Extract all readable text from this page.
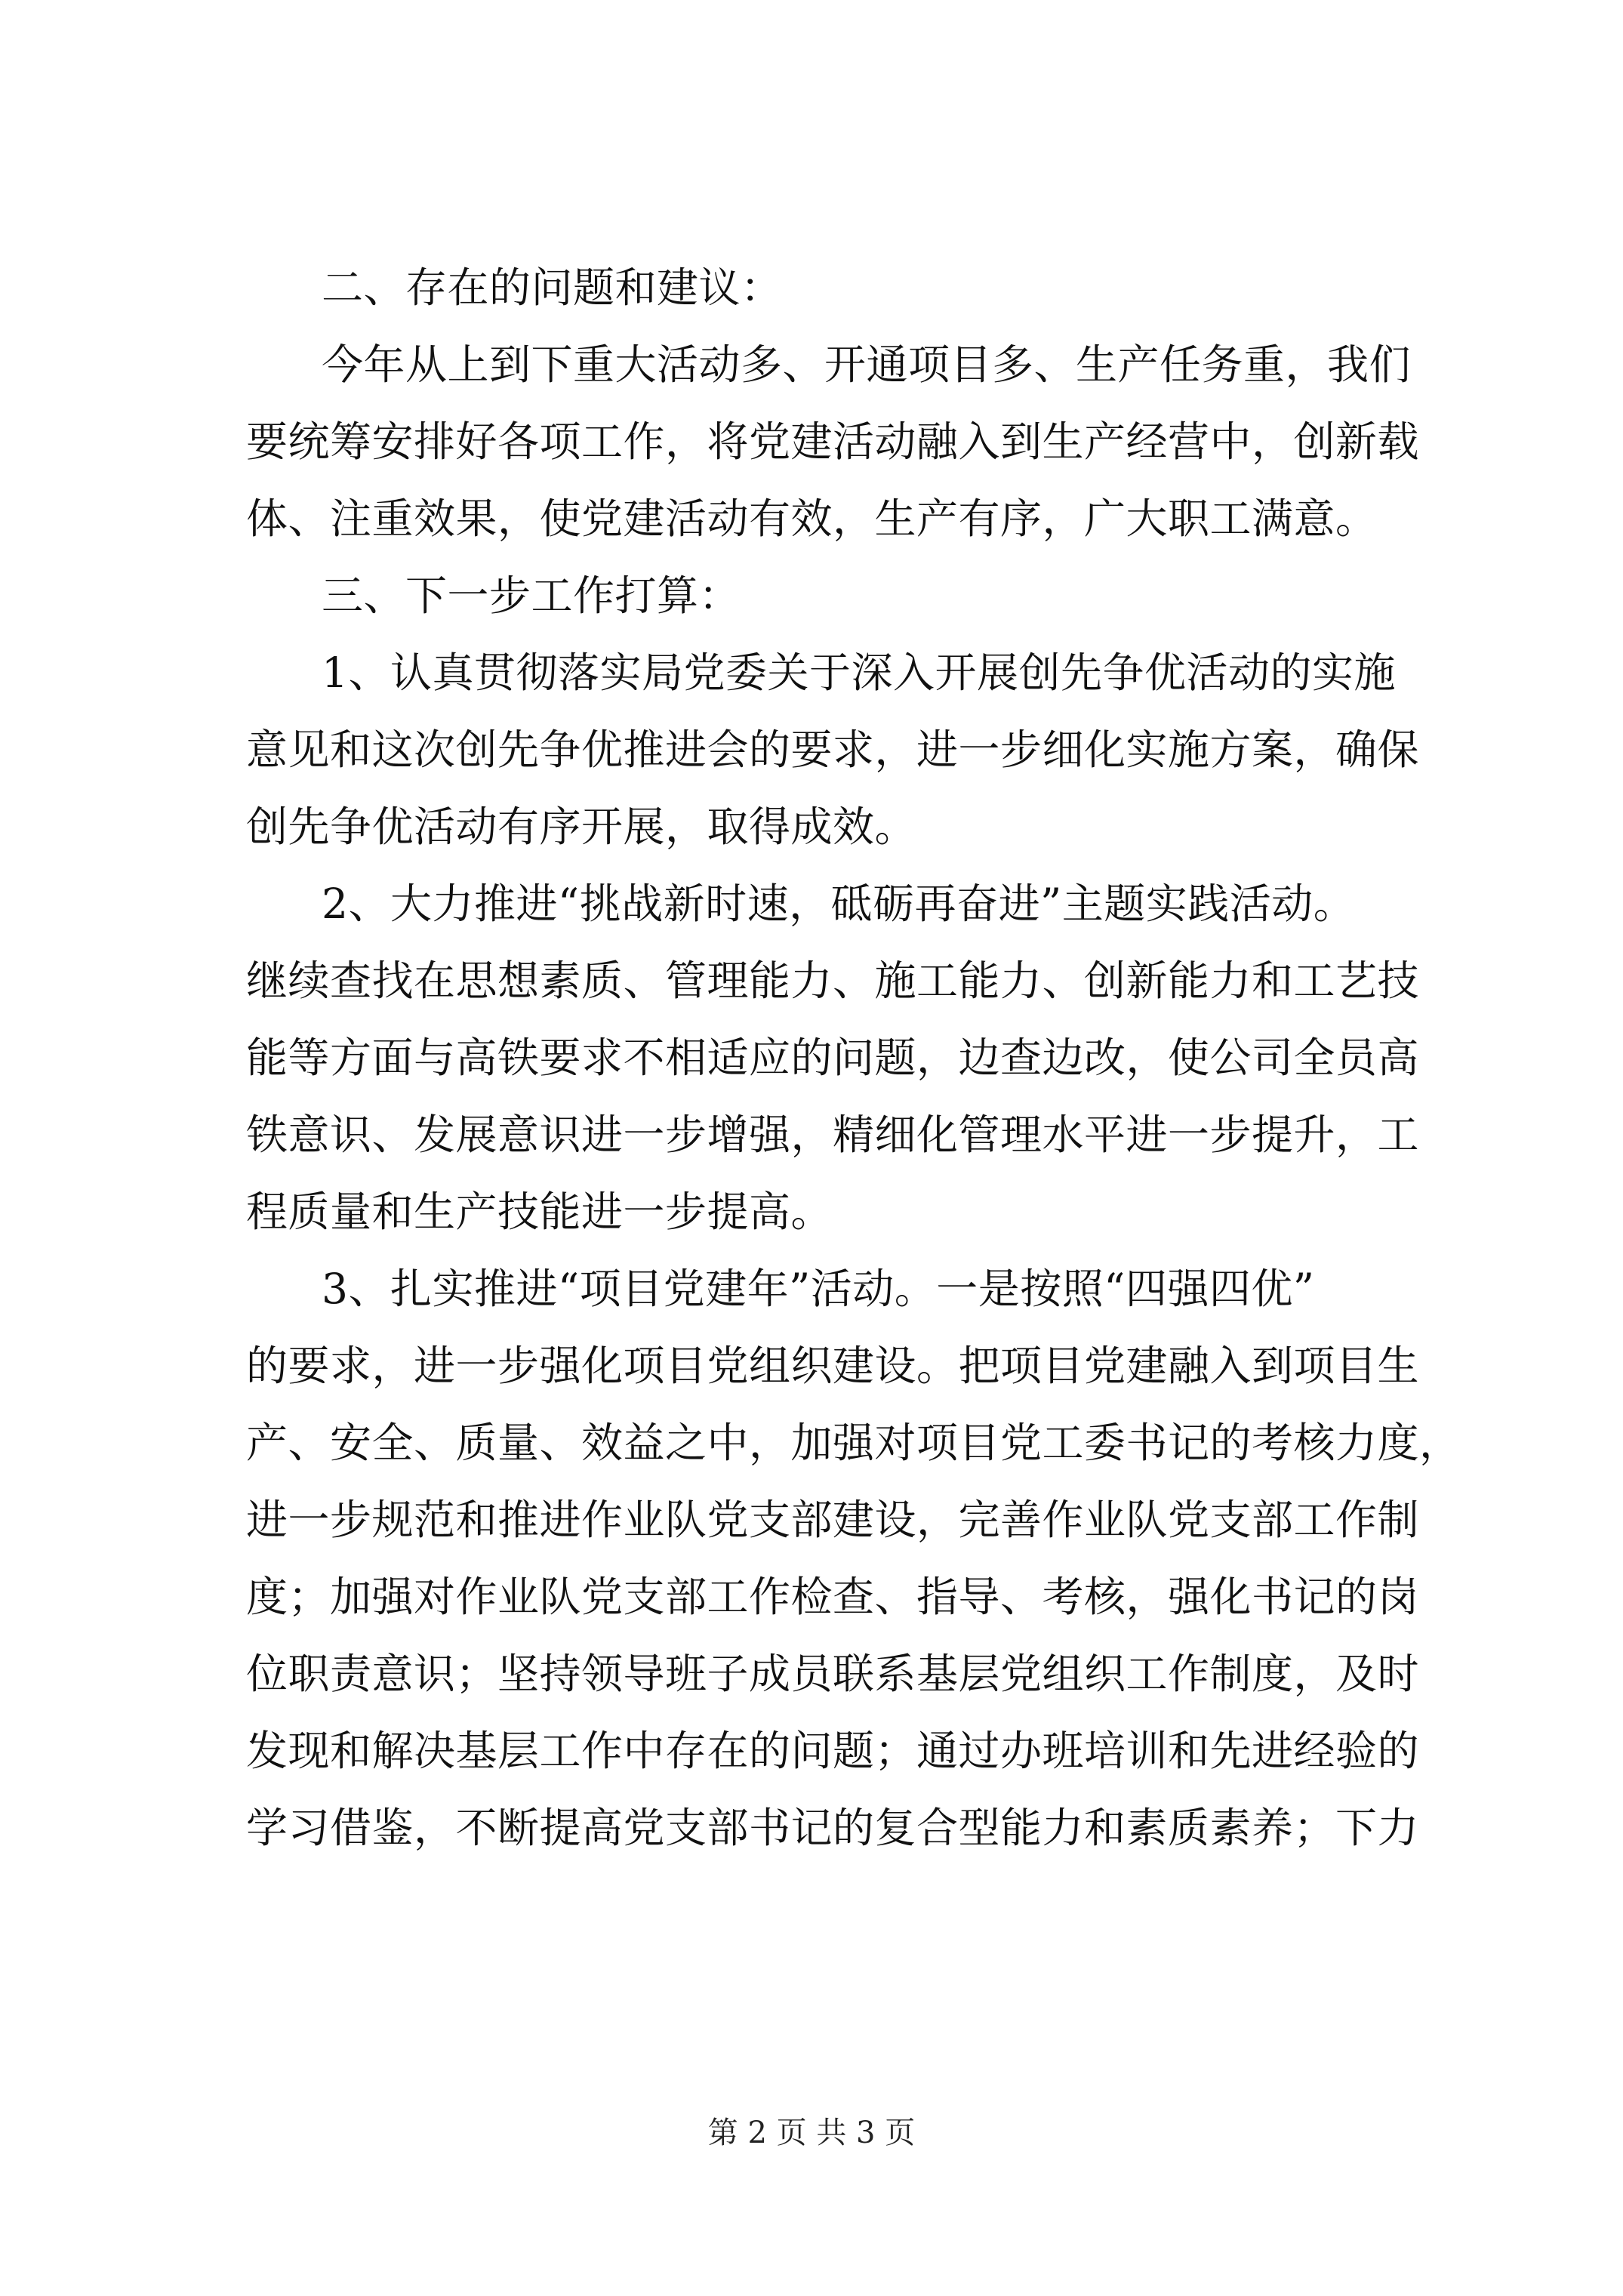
二、存在的问题和建议：
今年从上到下重大活动多、开通项目多、生产任务重，我们
要统筹安排好各项工作，将党建活动融入到生产经营中，创新载
体、注重效果，使党建活动有效，生产有序，广大职工满意。
三、下一步工作打算：
1、认真贯彻落实局党委关于深入开展创先争优活动的实施
意见和这次创先争优推进会的要求，进一步细化实施方案，确保
创先争优活动有序开展，取得成效。
2、大力推进“挑战新时速，砥砺再奋进”主题实践活动。
继续查找在思想素质、管理能力、施工能力、创新能力和工艺技
能等方面与高铁要求不相适应的问题，边查边改，使公司全员高
铁意识、发展意识进一步增强，精细化管理水平进一步提升，工
程质量和生产技能进一步提高。
3、扎实推进“项目党建年”活动。一是按照“四强四优”
的要求，进一步强化项目党组织建设。把项目党建融入到项目生
产、安全、质量、效益之中，加强对项目党工委书记的考核力度，
进一步规范和推进作业队党支部建设，完善作业队党支部工作制
度；加强对作业队党支部工作检查、指导、考核，强化书记的岗
位职责意识；坚持领导班子成员联系基层党组织工作制度，及时
发现和解决基层工作中存在的问题；通过办班培训和先进经验的
学习借鉴，不断提高党支部书记的复合型能力和素质素养；下力
第 2 页 共 3 页
